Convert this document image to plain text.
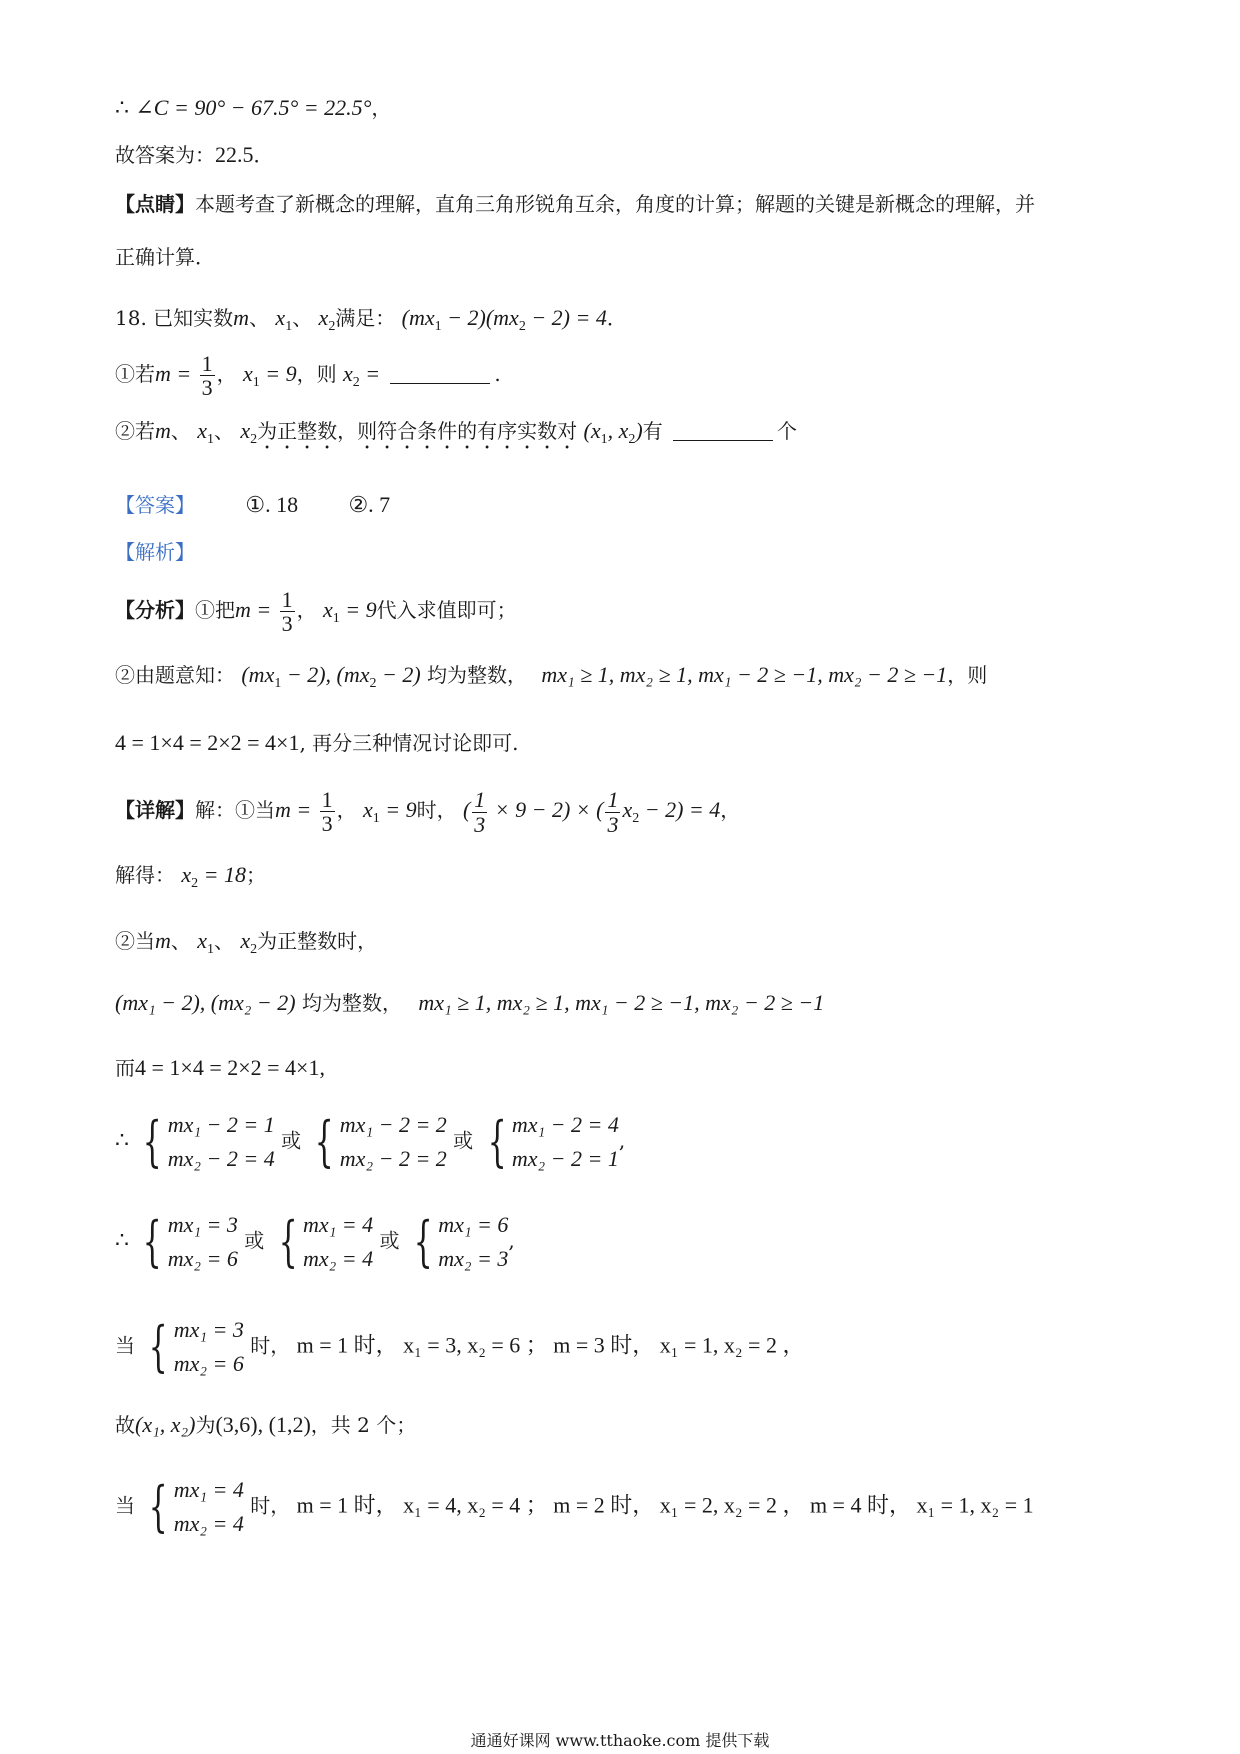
∴ ∠C = 90° − 67.5° = 22.5°，
故答案为：22.5．
【点睛】本题考查了新概念的理解，直角三角形锐角互余，角度的计算；解题的关键是新概念的理解，并
正确计算．
18. 已知实数m、 $x_1$、 $x_2$满足： $(mx_1 - 2)(mx_2 - 2) = 4$．
①若$m = \frac{1}{3}$ ， $x_1 = 9$，则 $x_2$ =	.
②若m、 $x_1$、 $x_2$为正整数，则符合条件的有序实数对 ($x_1$, $x_2$)有	个
【答案】 ①. 18 ②. 7
【解析】
【分析】①把$m = \frac{1}{3}$ ， $x_1 = 9$代入求值即可；
②由题意知： $(mx_1 - 2)$, $(mx_2 - 2)$ 均为整数， mx₁ ≥ 1, mx₂ ≥ 1, mx₁ − 2 ≥ −1, mx₂ − 2 ≥ −1，则
4 = 1×4 = 2×2 = 4×1, 再分三种情况讨论即可.
【详解】解：①当$m = \frac{1}{3}$ ， $x_1 = 9$时， ( $\frac{1}{3} \times 9 - 2$) × ( $\frac{1}{3} x_2 - 2) = 4$，
解得： $x_2 = 18$；
②当m、 $x_1$、 $x_2$为正整数时，
(mx₁ − 2), (mx₂ − 2) 均为整数， mx₁ ≥ 1, mx₂ ≥ 1, mx₁ − 2 ≥ −1, mx₂ − 2 ≥ −1
而4 = 1×4 = 2×2 = 4×1,
∴ { mx₁ − 2 = 1
mx₂ − 2 = 4
或 { mx₁ − 2 = 2
mx₂ − 2 = 2
或 { mx₁ − 2 = 4
mx₂ − 2 = 1
,
∴ { mx₁ = 3
mx₂ = 6
或 { mx₁ = 4
mx₂ = 4
或 { mx₁ = 6
mx₂ = 3
,
当 { mx₁ = 3
mx₂ = 6
时， m = 1 时， x₁ = 3, x₂ = 6 ； m = 3 时， x₁ = 1, x₂ = 2 ，
故(x₁, x₂)为(3,6), (1,2)，共 2 个；
当 { mx₁ = 4
mx₂ = 4
时， m = 1 时， x₁ = 4, x₂ = 4 ； m = 2 时， x₁ = 2, x₂ = 2 ， m = 4 时， x₁ = 1, x₂ = 1
通通好课网 www.tthaoke.com 提供下载
